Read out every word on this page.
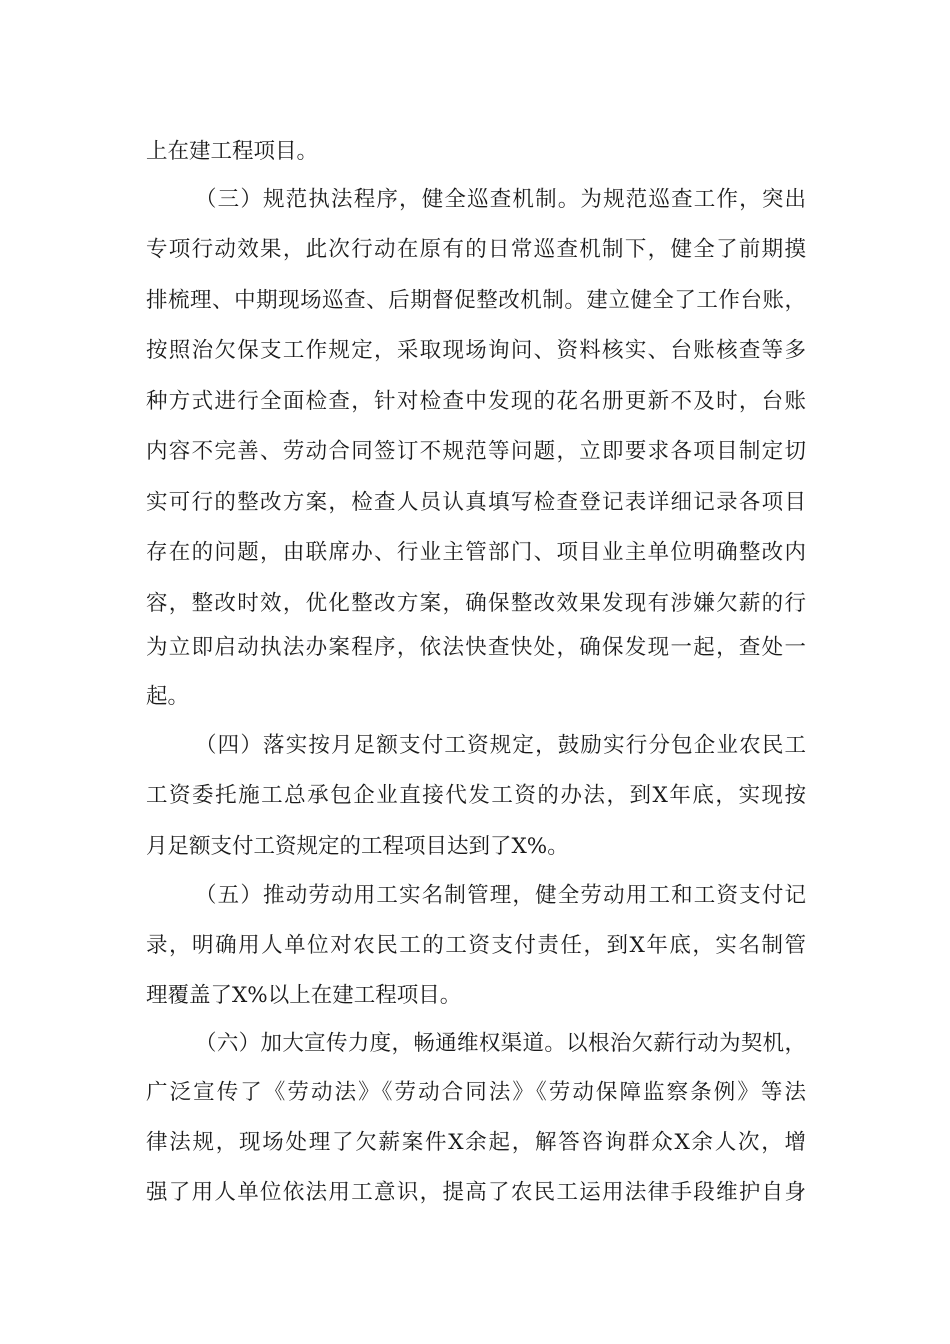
上在建工程项目。
（三）规范执法程序，健全巡查机制。为规范巡查工作，突出
专项行动效果，此次行动在原有的日常巡查机制下，健全了前期摸
排梳理、中期现场巡查、后期督促整改机制。建立健全了工作台账，
按照治欠保支工作规定，采取现场询问、资料核实、台账核查等多
种方式进行全面检查，针对检查中发现的花名册更新不及时，台账
内容不完善、劳动合同签订不规范等问题，立即要求各项目制定切
实可行的整改方案，检查人员认真填写检查登记表详细记录各项目
存在的问题，由联席办、行业主管部门、项目业主单位明确整改内
容，整改时效，优化整改方案，确保整改效果发现有涉嫌欠薪的行
为立即启动执法办案程序，依法快查快处，确保发现一起，查处一
起。
（四）落实按月足额支付工资规定，鼓励实行分包企业农民工
工资委托施工总承包企业直接代发工资的办法，到X年底，实现按
月足额支付工资规定的工程项目达到了X%。
（五）推动劳动用工实名制管理，健全劳动用工和工资支付记
录，明确用人单位对农民工的工资支付责任，到X年底，实名制管
理覆盖了X%以上在建工程项目。
（六）加大宣传力度，畅通维权渠道。以根治欠薪行动为契机，
广泛宣传了《劳动法》《劳动合同法》《劳动保障监察条例》等法
律法规，现场处理了欠薪案件X余起，解答咨询群众X余人次，增
强了用人单位依法用工意识，提高了农民工运用法律手段维护自身
